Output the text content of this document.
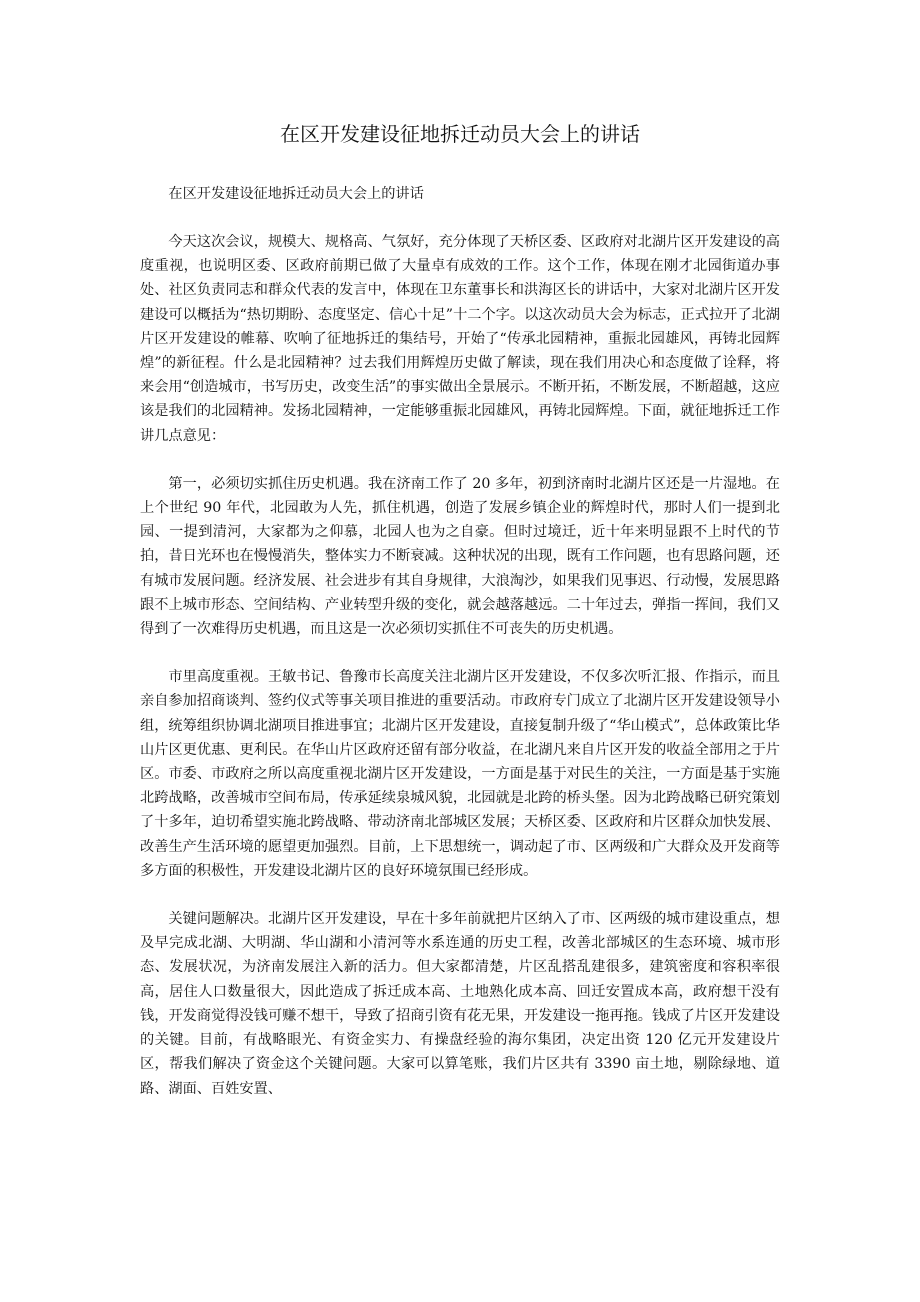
在区开发建设征地拆迁动员大会上的讲话

在区开发建设征地拆迁动员大会上的讲话

今天这次会议，规模大、规格高、气氛好，充分体现了天桥区委、区政府对北湖片区开发建设的高度重视，也说明区委、区政府前期已做了大量卓有成效的工作。这个工作，体现在刚才北园街道办事处、社区负责同志和群众代表的发言中，体现在卫东董事长和洪海区长的讲话中，大家对北湖片区开发建设可以概括为“热切期盼、态度坚定、信心十足”十二个字。以这次动员大会为标志，正式拉开了北湖片区开发建设的帷幕、吹响了征地拆迁的集结号，开始了“传承北园精神，重振北园雄风，再铸北园辉煌”的新征程。什么是北园精神？过去我们用辉煌历史做了解读，现在我们用决心和态度做了诠释，将来会用“创造城市，书写历史，改变生活”的事实做出全景展示。不断开拓，不断发展，不断超越，这应该是我们的北园精神。发扬北园精神，一定能够重振北园雄风，再铸北园辉煌。下面，就征地拆迁工作讲几点意见：

第一，必须切实抓住历史机遇。我在济南工作了 20 多年，初到济南时北湖片区还是一片湿地。在上个世纪 90 年代，北园敢为人先，抓住机遇，创造了发展乡镇企业的辉煌时代，那时人们一提到北园、一提到清河，大家都为之仰慕，北园人也为之自豪。但时过境迁，近十年来明显跟不上时代的节拍，昔日光环也在慢慢消失，整体实力不断衰减。这种状况的出现，既有工作问题，也有思路问题，还有城市发展问题。经济发展、社会进步有其自身规律，大浪淘沙，如果我们见事迟、行动慢，发展思路跟不上城市形态、空间结构、产业转型升级的变化，就会越落越远。二十年过去，弹指一挥间，我们又得到了一次难得历史机遇，而且这是一次必须切实抓住不可丧失的历史机遇。

市里高度重视。王敏书记、鲁豫市长高度关注北湖片区开发建设，不仅多次听汇报、作指示，而且亲自参加招商谈判、签约仪式等事关项目推进的重要活动。市政府专门成立了北湖片区开发建设领导小组，统筹组织协调北湖项目推进事宜；北湖片区开发建设，直接复制升级了“华山模式”，总体政策比华山片区更优惠、更利民。在华山片区政府还留有部分收益，在北湖凡来自片区开发的收益全部用之于片区。市委、市政府之所以高度重视北湖片区开发建设，一方面是基于对民生的关注，一方面是基于实施北跨战略，改善城市空间布局，传承延续泉城风貌，北园就是北跨的桥头堡。因为北跨战略已研究策划了十多年，迫切希望实施北跨战略、带动济南北部城区发展；天桥区委、区政府和片区群众加快发展、改善生产生活环境的愿望更加强烈。目前，上下思想统一，调动起了市、区两级和广大群众及开发商等多方面的积极性，开发建设北湖片区的良好环境氛围已经形成。

关键问题解决。北湖片区开发建设，早在十多年前就把片区纳入了市、区两级的城市建设重点，想及早完成北湖、大明湖、华山湖和小清河等水系连通的历史工程，改善北部城区的生态环境、城市形态、发展状况，为济南发展注入新的活力。但大家都清楚，片区乱搭乱建很多，建筑密度和容积率很高，居住人口数量很大，因此造成了拆迁成本高、土地熟化成本高、回迁安置成本高，政府想干没有钱，开发商觉得没钱可赚不想干，导致了招商引资有花无果，开发建设一拖再拖。钱成了片区开发建设的关键。目前，有战略眼光、有资金实力、有操盘经验的海尔集团，决定出资 120 亿元开发建设片区，帮我们解决了资金这个关键问题。大家可以算笔账，我们片区共有 3390 亩土地，剔除绿地、道路、湖面、百姓安置、
